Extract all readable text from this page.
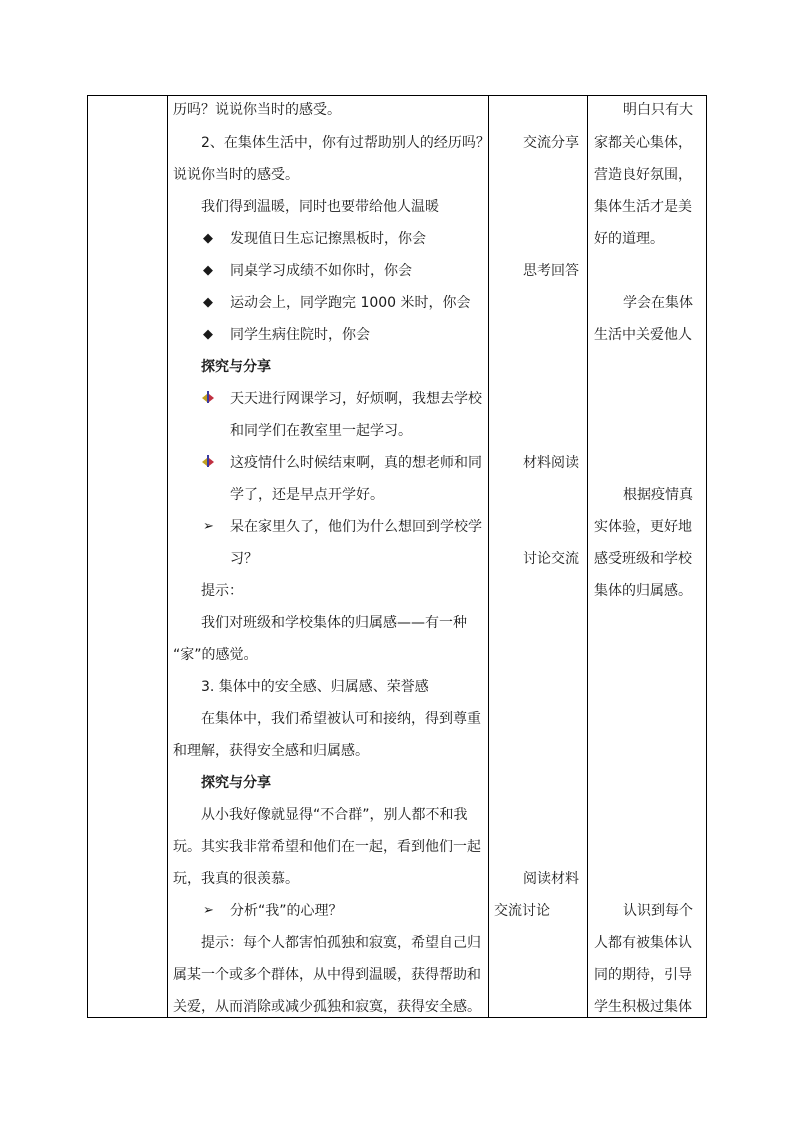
历吗？说说你当时的感受。
2、在集体生活中，你有过帮助别人的经历吗？
说说你当时的感受。
我们得到温暖，同时也要带给他人温暖
◆ 发现值日生忘记擦黑板时，你会
◆ 同桌学习成绩不如你时，你会
◆ 运动会上，同学跑完 1000 米时，你会
◆ 同学生病住院时，你会
探究与分享
天天进行网课学习，好烦啊，我想去学校
和同学们在教室里一起学习。
这疫情什么时候结束啊，真的想老师和同
学了，还是早点开学好。
➢ 呆在家里久了，他们为什么想回到学校学
习？
提示：
我们对班级和学校集体的归属感——有一种
“家”的感觉。
3. 集体中的安全感、归属感、荣誉感
在集体中，我们希望被认可和接纳，得到尊重
和理解，获得安全感和归属感。
探究与分享
从小我好像就显得“不合群”，别人都不和我
玩。其实我非常希望和他们在一起，看到他们一起
玩，我真的很羡慕。
➢ 分析“我”的心理？
提示：每个人都害怕孤独和寂寞，希望自己归
属某一个或多个群体，从中得到温暖，获得帮助和
关爱，从而消除或减少孤独和寂寞，获得安全感。
交流分享
思考回答
材料阅读
讨论交流
阅读材料
交流讨论
明白只有大
家都关心集体，
营造良好氛围，
集体生活才是美
好的道理。
学会在集体
生活中关爱他人
根据疫情真
实体验，更好地
感受班级和学校
集体的归属感。
认识到每个
人都有被集体认
同的期待，引导
学生积极过集体
